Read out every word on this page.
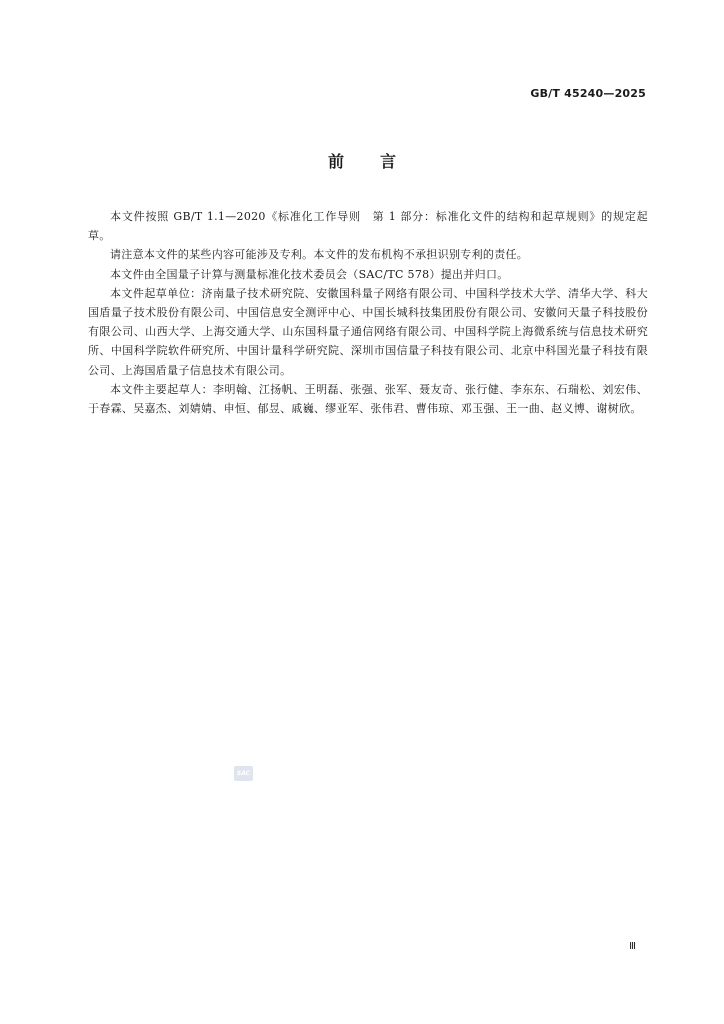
GB/T 45240—2025
前言

本文件按照 GB/T 1.1—2020《标准化工作导则　第 1 部分：标准化文件的结构和起草规则》的规定起草。

请注意本文件的某些内容可能涉及专利。本文件的发布机构不承担识别专利的责任。

本文件由全国量子计算与测量标准化技术委员会（SAC/TC 578）提出并归口。

本文件起草单位：济南量子技术研究院、安徽国科量子网络有限公司、中国科学技术大学、清华大学、科大国盾量子技术股份有限公司、中国信息安全测评中心、中国长城科技集团股份有限公司、安徽问天量子科技股份有限公司、山西大学、上海交通大学、山东国科量子通信网络有限公司、中国科学院上海微系统与信息技术研究所、中国科学院软件研究所、中国计量科学研究院、深圳市国信量子科技有限公司、北京中科国光量子科技有限公司、上海国盾量子信息技术有限公司。

本文件主要起草人：李明翰、江扬帆、王明磊、张强、张军、聂友奇、张行健、李东东、石瑞松、刘宏伟、于春霖、吴嘉杰、刘婧婧、申恒、郁昱、戚巍、缪亚军、张伟君、曹伟琼、邓玉强、王一曲、赵义博、谢树欣。

SAC
Ⅲ
